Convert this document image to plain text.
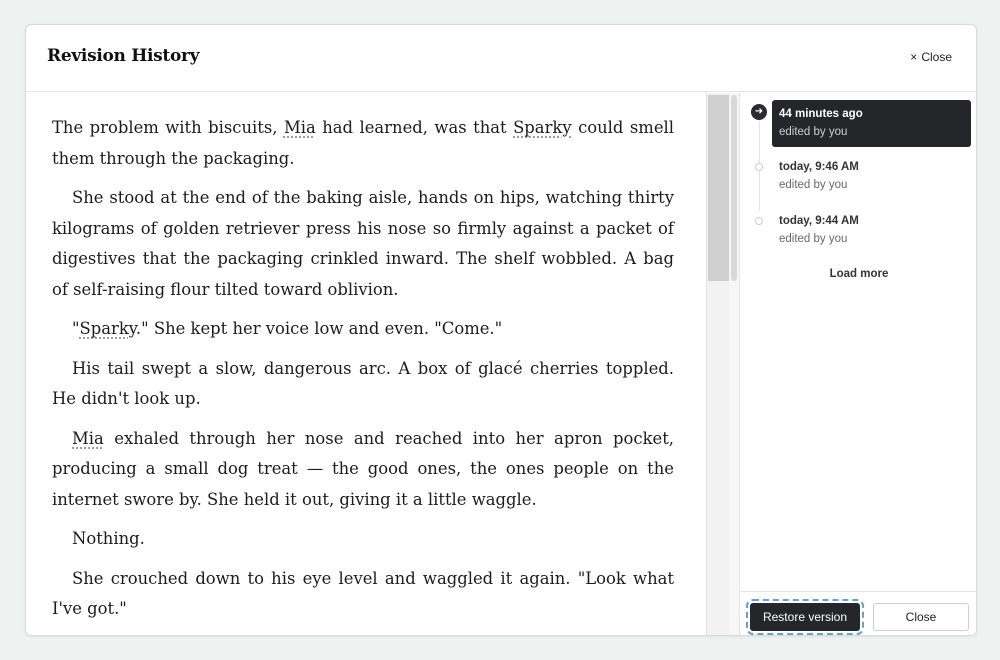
Revision History	× Close

The problem with biscuits, Mia had learned, was that Sparky could smell them through the packaging.

She stood at the end of the baking aisle, hands on hips, watching thirty kilograms of golden retriever press his nose so firmly against a packet of digestives that the packaging crinkled inward. The shelf wobbled. A bag of self-raising flour tilted toward oblivion.

"Sparky." She kept her voice low and even. "Come."

His tail swept a slow, dangerous arc. A box of glacé cherries toppled. He didn't look up.

Mia exhaled through her nose and reached into her apron pocket, producing a small dog treat — the good ones, the ones people on the internet swore by. She held it out, giving it a little waggle.

Nothing.

She crouched down to his eye level and waggled it again. "Look what I've got."

➜	44 minutes ago
edited by you
today, 9:46 AM
edited by you
today, 9:44 AM
edited by you
Load more
Restore version	Close
